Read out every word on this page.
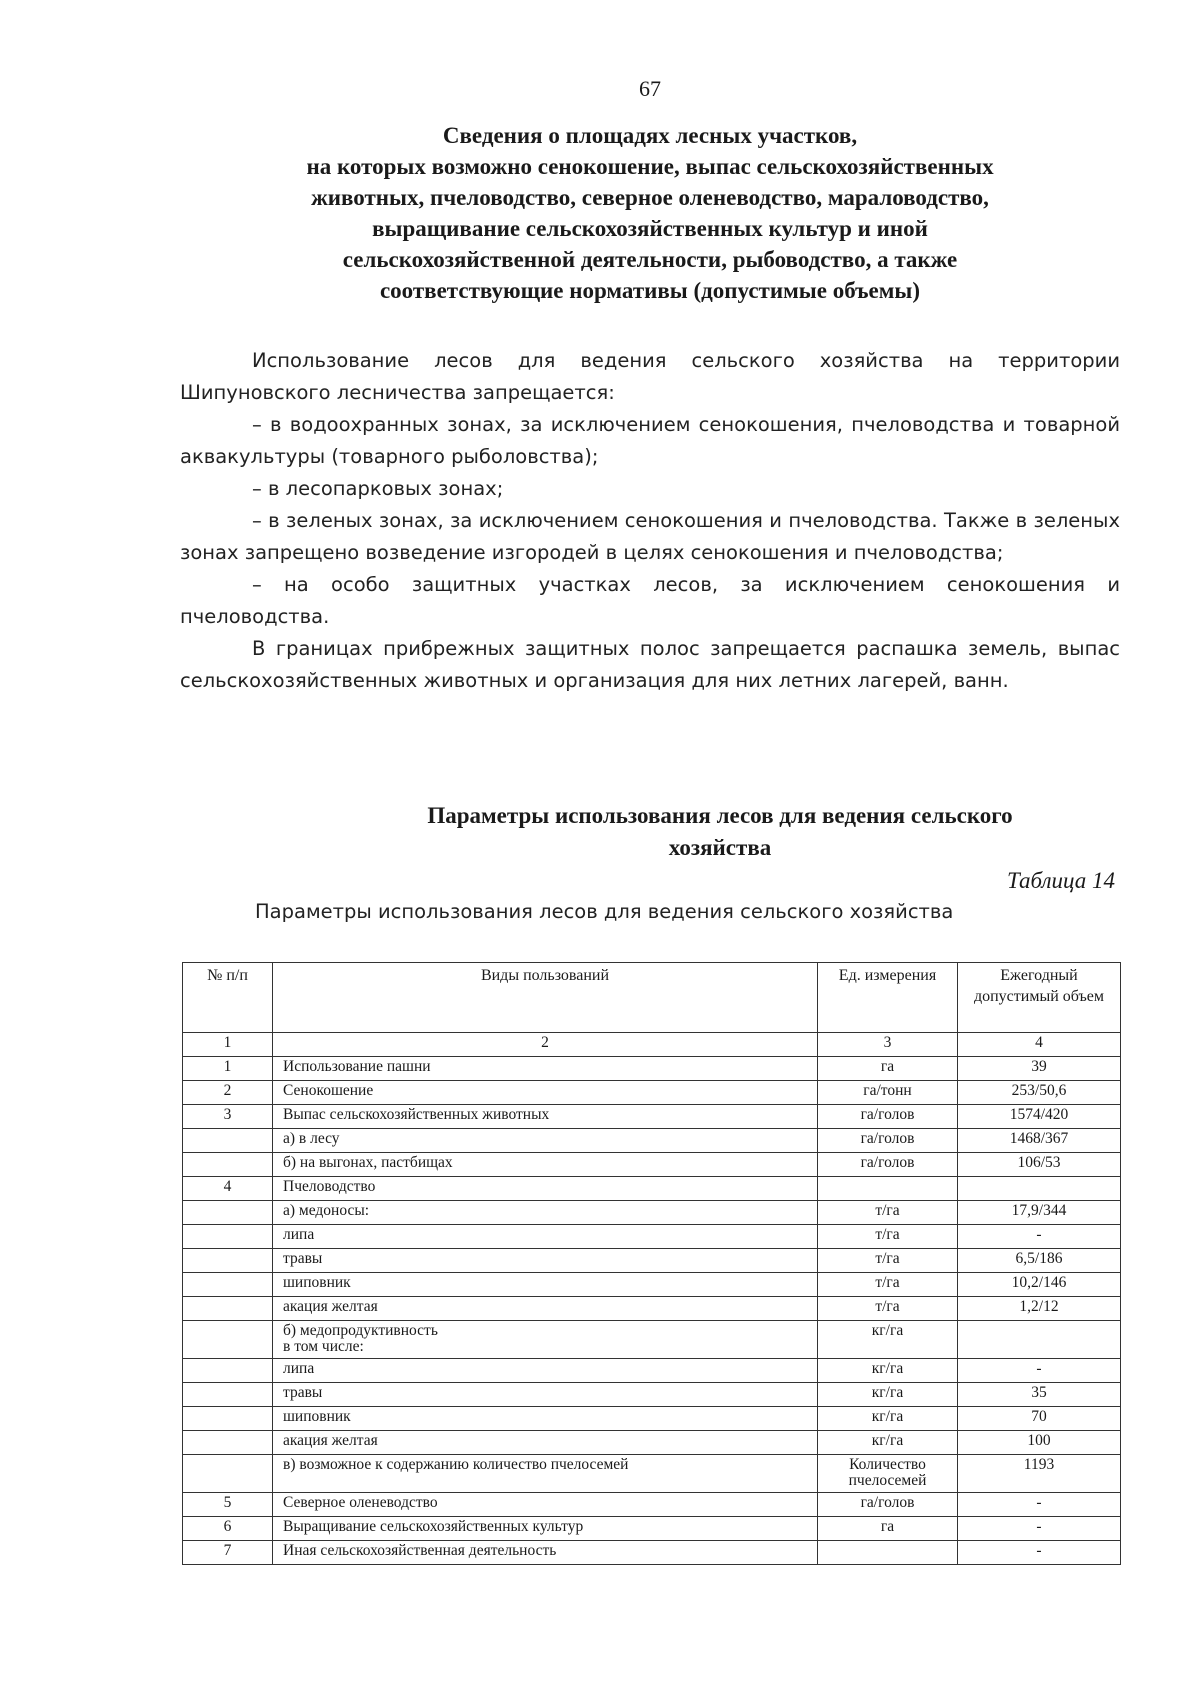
67
Сведения о площадях лесных участков,
на которых возможно сенокошение, выпас сельскохозяйственных
животных, пчеловодство, северное оленеводство, мараловодство,
выращивание сельскохозяйственных культур и иной
сельскохозяйственной деятельности, рыбоводство, а также
соответствующие нормативы (допустимые объемы)

Использование лесов для ведения сельского хозяйства на территории Шипуновского лесничества запрещается:

– в водоохранных зонах, за исключением сенокошения, пчеловодства и товарной аквакультуры (товарного рыболовства);

– в лесопарковых зонах;

– в зеленых зонах, за исключением сенокошения и пчеловодства. Также в зеленых зонах запрещено возведение изгородей в целях сенокошения и пчеловодства;

– на особо защитных участках лесов, за исключением сенокошения и пчеловодства.

В границах прибрежных защитных полос запрещается распашка земель, выпас сельскохозяйственных животных и организация для них летних лагерей, ванн.

Параметры использования лесов для ведения сельского
хозяйства
Таблица 14
Параметры использования лесов для ведения сельского хозяйства
№ п/п	Виды пользований	Ед. измерения	Ежегодный допустимый объем
1	2	3	4
1	Использование пашни	га	39
2	Сенокошение	га/тонн	253/50,6
3	Выпас сельскохозяйственных животных	га/голов	1574/420
	а) в лесу	га/голов	1468/367
	б) на выгонах, пастбищах	га/голов	106/53
4	Пчеловодство		
	а) медоносы:	т/га	17,9/344
	липа	т/га	-
	травы	т/га	6,5/186
	шиповник	т/га	10,2/146
	акация желтая	т/га	1,2/12
	б) медопродуктивность
в том числе:	кг/га	
	липа	кг/га	-
	травы	кг/га	35
	шиповник	кг/га	70
	акация желтая	кг/га	100
	в) возможное к содержанию количество пчелосемей	Количество пчелосемей	1193
5	Северное оленеводство	га/голов	-
6	Выращивание сельскохозяйственных культур	га	-
7	Иная сельскохозяйственная деятельность		-
